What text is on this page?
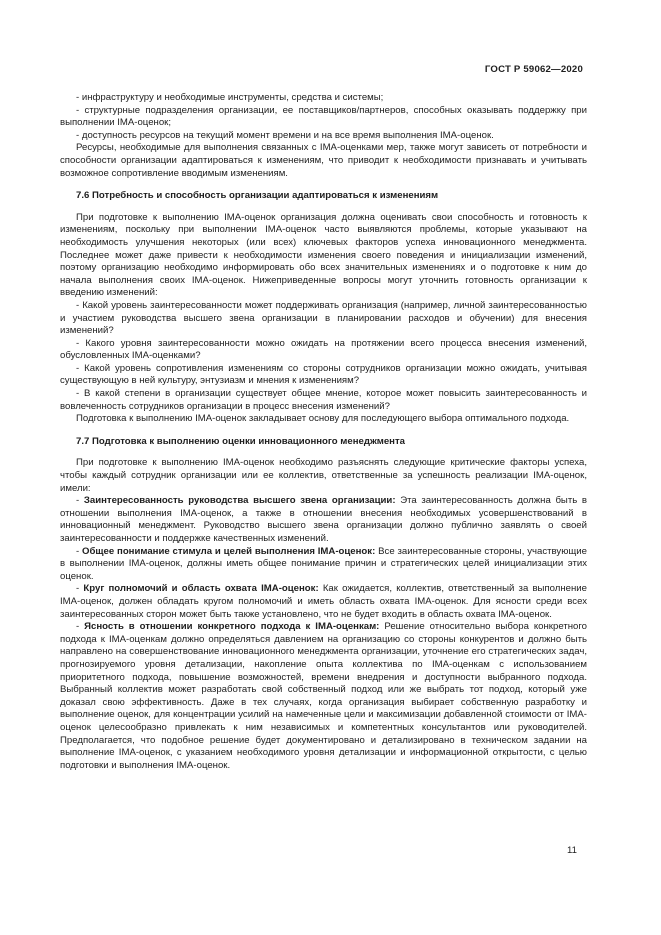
ГОСТ Р 59062—2020

- инфраструктуру и необходимые инструменты, средства и системы;

- структурные подразделения организации, ее поставщиков/партнеров, способных оказывать поддержку при выполнении IMA-оценок;

- доступность ресурсов на текущий момент времени и на все время выполнения IMA-оценок.

Ресурсы, необходимые для выполнения связанных с IMA-оценками мер, также могут зависеть от потребности и способности организации адаптироваться к изменениям, что приводит к необходимости признавать и учитывать возможное сопротивление вводимым изменениям.

7.6 Потребность и способность организации адаптироваться к изменениям

При подготовке к выполнению IMA-оценок организация должна оценивать свои способность и готовность к изменениям, поскольку при выполнении IMA-оценок часто выявляются проблемы, которые указывают на необходимость улучшения некоторых (или всех) ключевых факторов успеха инновационного менеджмента. Последнее может даже привести к необходимости изменения своего поведения и инициализации изменений, поэтому организацию необходимо информировать обо всех значительных изменениях и о подготовке к ним до начала выполнения своих IMA-оценок. Нижеприведенные вопросы могут уточнить готовность организации к введению изменений:

- Какой уровень заинтересованности может поддерживать организация (например, личной заинтересованностью и участием руководства высшего звена организации в планировании расходов и обучении) для внесения изменений?

- Какого уровня заинтересованности можно ожидать на протяжении всего процесса внесения изменений, обусловленных IMA-оценками?

- Какой уровень сопротивления изменениям со стороны сотрудников организации можно ожидать, учитывая существующую в ней культуру, энтузиазм и мнения к изменениям?

- В какой степени в организации существует общее мнение, которое может повысить заинтересованность и вовлеченность сотрудников организации в процесс внесения изменений?

Подготовка к выполнению IMA-оценок закладывает основу для последующего выбора оптимального подхода.

7.7 Подготовка к выполнению оценки инновационного менеджмента

При подготовке к выполнению IMA-оценок необходимо разъяснять следующие критические факторы успеха, чтобы каждый сотрудник организации или ее коллектив, ответственные за успешность реализации IMA-оценок, имели:

- Заинтересованность руководства высшего звена организации: Эта заинтересованность должна быть в отношении выполнения IMA-оценок, а также в отношении внесения необходимых усовершенствований в инновационный менеджмент. Руководство высшего звена организации должно публично заявлять о своей заинтересованности и поддержке качественных изменений.

- Общее понимание стимула и целей выполнения IMA-оценок: Все заинтересованные стороны, участвующие в выполнении IMA-оценок, должны иметь общее понимание причин и стратегических целей инициализации этих оценок.

- Круг полномочий и область охвата IMA-оценок: Как ожидается, коллектив, ответственный за выполнение IMA-оценок, должен обладать кругом полномочий и иметь область охвата IMA-оценок. Для ясности среди всех заинтересованных сторон может быть также установлено, что не будет входить в область охвата IMA-оценок.

- Ясность в отношении конкретного подхода к IMA-оценкам: Решение относительно выбора конкретного подхода к IMA-оценкам должно определяться давлением на организацию со стороны конкурентов и должно быть направлено на совершенствование инновационного менеджмента организации, уточнение его стратегических задач, прогнозируемого уровня детализации, накопление опыта коллектива по IMA-оценкам с использованием приоритетного подхода, повышение возможностей, времени внедрения и доступности выбранного подхода. Выбранный коллектив может разработать свой собственный подход или же выбрать тот подход, который уже доказал свою эффективность. Даже в тех случаях, когда организация выбирает собственную разработку и выполнение оценок, для концентрации усилий на намеченные цели и максимизации добавленной стоимости от IMA-оценок целесообразно привлекать к ним независимых и компетентных консультантов или руководителей. Предполагается, что подобное решение будет документировано и детализировано в техническом задании на выполнение IMA-оценок, с указанием необходимого уровня детализации и информационной открытости, с целью подготовки и выполнения IMA-оценок.

11
